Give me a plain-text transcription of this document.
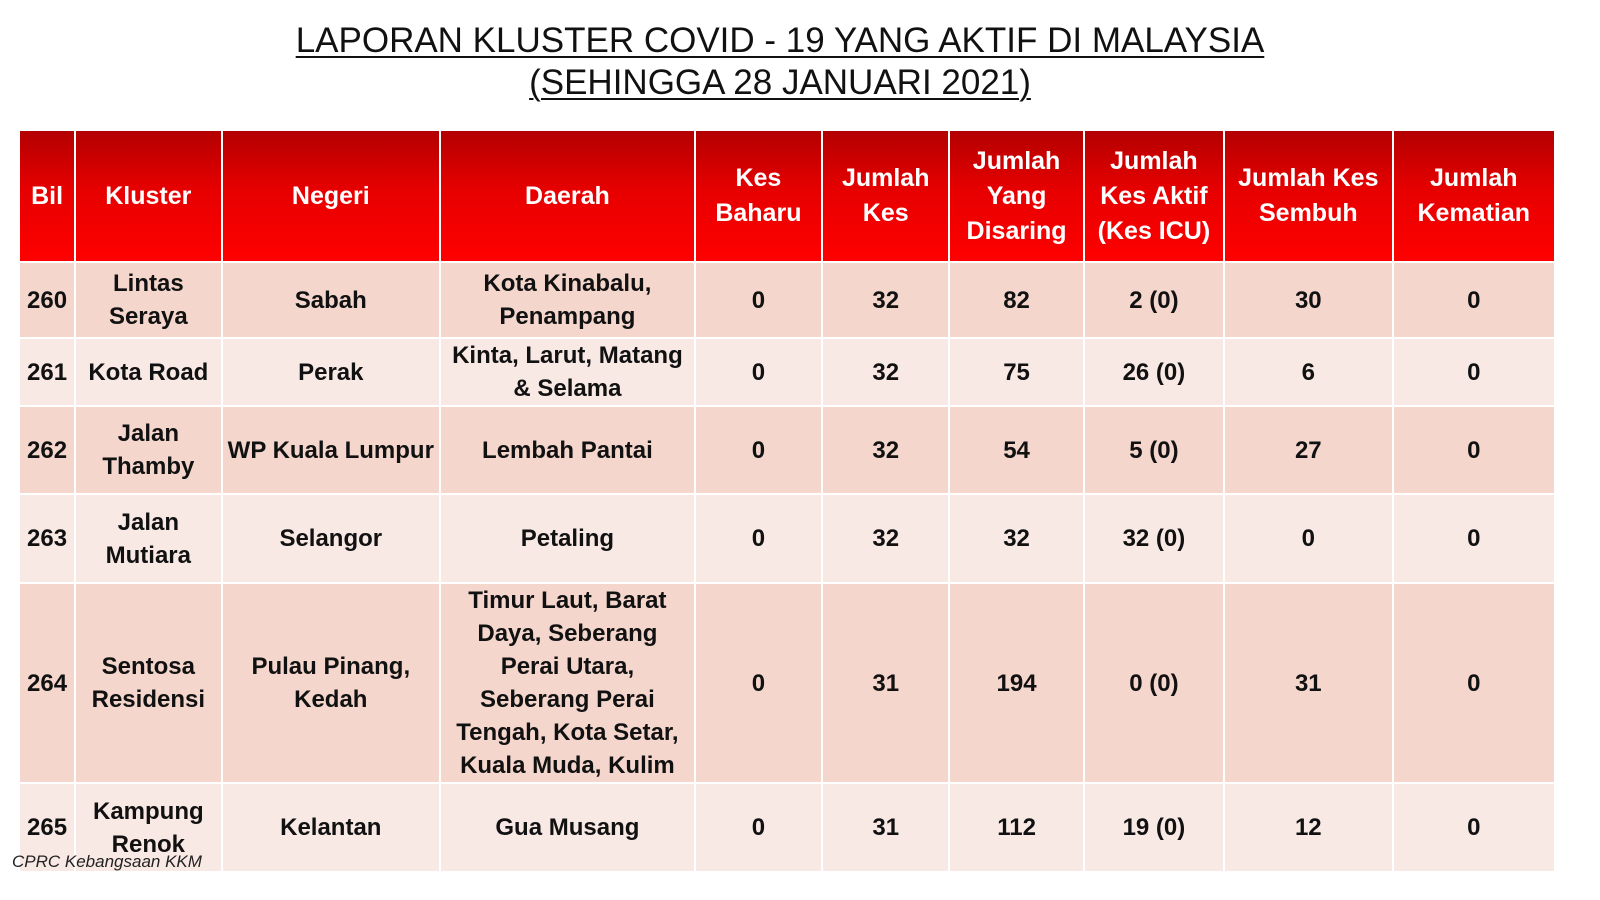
LAPORAN KLUSTER COVID - 19 YANG AKTIF DI MALAYSIA
(SEHINGGA 28 JANUARI 2021)
Bil	Kluster	Negeri	Daerah	Kes Baharu	Jumlah Kes	Jumlah Yang Disaring	Jumlah Kes Aktif (Kes ICU)	Jumlah Kes Sembuh	Jumlah Kematian
260	Lintas Seraya	Sabah	Kota Kinabalu, Penampang	0	32	82	2 (0)	30	0
261	Kota Road	Perak	Kinta, Larut, Matang & Selama	0	32	75	26 (0)	6	0
262	Jalan Thamby	WP Kuala Lumpur	Lembah Pantai	0	32	54	5 (0)	27	0
263	Jalan Mutiara	Selangor	Petaling	0	32	32	32 (0)	0	0
264	Sentosa Residensi	Pulau Pinang, Kedah	Timur Laut, Barat Daya, Seberang Perai Utara, Seberang Perai Tengah, Kota Setar, Kuala Muda, Kulim	0	31	194	0 (0)	31	0
265	Kampung Renok	Kelantan	Gua Musang	0	31	112	19 (0)	12	0
CPRC Kebangsaan KKM
